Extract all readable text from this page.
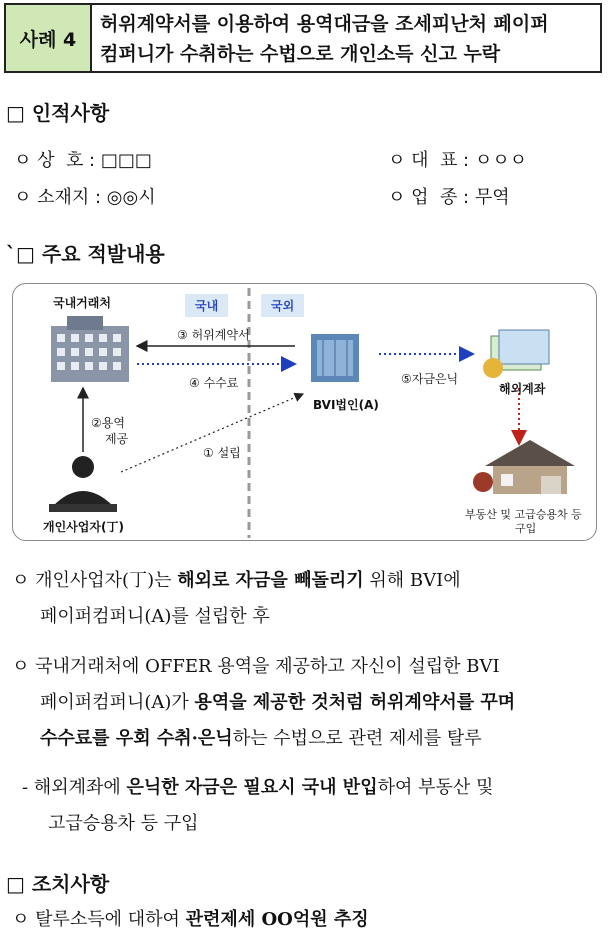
사례 4
허위계약서를 이용하여 용역대금을 조세피난처 페이퍼
컴퍼니가 수취하는 수법으로 개인소득 신고 누락
□ 인적사항
ㅇ 상  호 : □□□	ㅇ 대  표 : ㅇㅇㅇ
ㅇ 소재지 : ◎◎시	ㅇ 업  종 : 무역
`□ 주요 적발내용
국내	국외
국내거래처
BVI법인(A)
해외계좌
개인사업자(丁)
부동산 및 고급승용차 등
구입
③ 허위계약서
④ 수수료	⑤자금은닉
②용역
제공
① 설립
ㅇ 개인사업자(丁)는 해외로 자금을 빼돌리기 위해 BVI에
페이퍼컴퍼니(A)를 설립한 후
ㅇ 국내거래처에 OFFER 용역을 제공하고 자신이 설립한 BVI
페이퍼컴퍼니(A)가 용역을 제공한 것처럼 허위계약서를 꾸며
수수료를 우회 수취·은닉하는 수법으로 관련 제세를 탈루
- 해외계좌에 은닉한 자금은 필요시 국내 반입하여 부동산 및
고급승용차 등 구입
□ 조치사항
ㅇ 탈루소득에 대하여 관련제세 OO억원 추징
